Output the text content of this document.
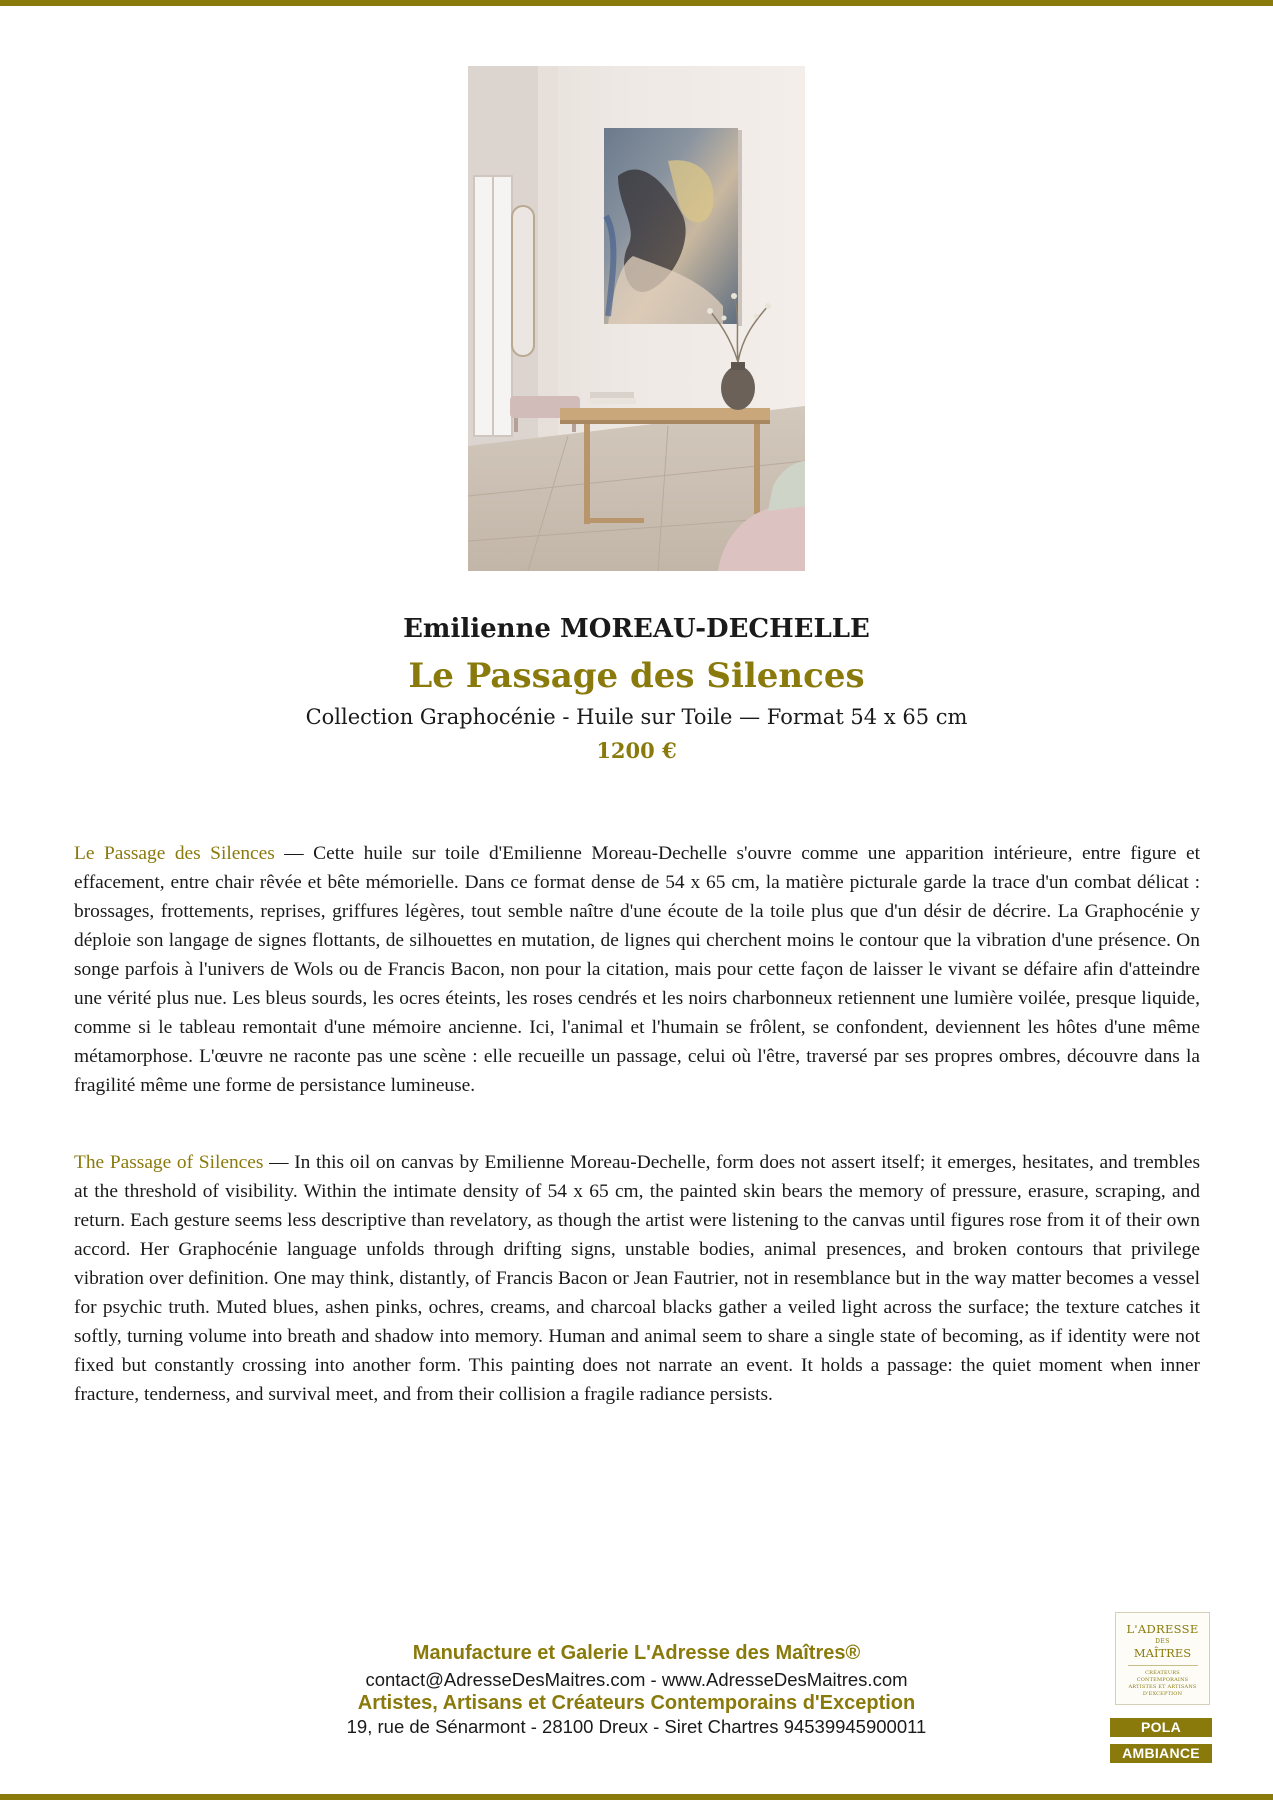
Emilienne MOREAU-DECHELLE
Le Passage des Silences
Collection Graphocénie - Huile sur Toile — Format 54 x 65 cm
1200 €

Le Passage des Silences — Cette huile sur toile d'Emilienne Moreau-Dechelle s'ouvre comme une apparition intérieure, entre figure et effacement, entre chair rêvée et bête mémorielle. Dans ce format dense de 54 x 65 cm, la matière picturale garde la trace d'un combat délicat : brossages, frottements, reprises, griffures légères, tout semble naître d'une écoute de la toile plus que d'un désir de décrire. La Graphocénie y déploie son langage de signes flottants, de silhouettes en mutation, de lignes qui cherchent moins le contour que la vibration d'une présence. On songe parfois à l'univers de Wols ou de Francis Bacon, non pour la citation, mais pour cette façon de laisser le vivant se défaire afin d'atteindre une vérité plus nue. Les bleus sourds, les ocres éteints, les roses cendrés et les noirs charbonneux retiennent une lumière voilée, presque liquide, comme si le tableau remontait d'une mémoire ancienne. Ici, l'animal et l'humain se frôlent, se confondent, deviennent les hôtes d'une même métamorphose. L'œuvre ne raconte pas une scène : elle recueille un passage, celui où l'être, traversé par ses propres ombres, découvre dans la fragilité même une forme de persistance lumineuse.

The Passage of Silences — In this oil on canvas by Emilienne Moreau-Dechelle, form does not assert itself; it emerges, hesitates, and trembles at the threshold of visibility. Within the intimate density of 54 x 65 cm, the painted skin bears the memory of pressure, erasure, scraping, and return. Each gesture seems less descriptive than revelatory, as though the artist were listening to the canvas until figures rose from it of their own accord. Her Graphocénie language unfolds through drifting signs, unstable bodies, animal presences, and broken contours that privilege vibration over definition. One may think, distantly, of Francis Bacon or Jean Fautrier, not in resemblance but in the way matter becomes a vessel for psychic truth. Muted blues, ashen pinks, ochres, creams, and charcoal blacks gather a veiled light across the surface; the texture catches it softly, turning volume into breath and shadow into memory. Human and animal seem to share a single state of becoming, as if identity were not fixed but constantly crossing into another form. This painting does not narrate an event. It holds a passage: the quiet moment when inner fracture, tenderness, and survival meet, and from their collision a fragile radiance persists.

Manufacture et Galerie L'Adresse des Maîtres®
contact@AdresseDesMaitres.com - www.AdresseDesMaitres.com
Artistes, Artisans et Créateurs Contemporains d'Exception
19, rue de Sénarmont - 28100 Dreux - Siret Chartres 94539945900011
L'ADRESSE
DES
MAÎTRES
CRÉATEURS CONTEMPORAINS ARTISTES ET ARTISANS D'EXCEPTION
POLA
AMBIANCE
